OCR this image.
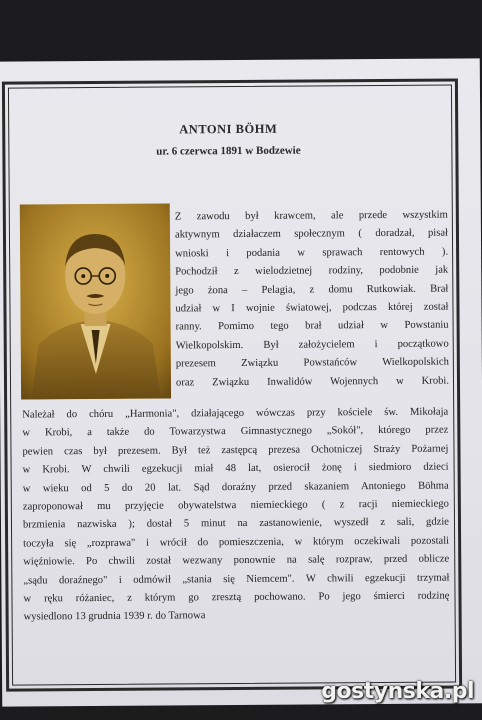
ANTONI BÖHM
ur. 6 czerwca 1891 w Bodzewie
Z zawodu był krawcem, ale przede wszystkim
aktywnym działaczem społecznym ( doradzał, pisał
wnioski i podania w sprawach rentowych ).
Pochodził z wielodzietnej rodziny, podobnie jak
jego żona – Pelagia, z domu Rutkowiak. Brał
udział w I wojnie światowej, podczas której został
ranny. Pomimo tego brał udział w Powstaniu
Wielkopolskim. Był założycielem i początkowo
prezesem Związku Powstańców Wielkopolskich
oraz Związku Inwalidów Wojennych w Krobi.
Należał do chóru „Harmonia", działającego wówczas przy kościele św. Mikołaja
w Krobi, a także do Towarzystwa Gimnastycznego „Sokół", którego przez
pewien czas był prezesem. Był też zastępcą prezesa Ochotniczej Straży Pożarnej
w Krobi. W chwili egzekucji miał 48 lat, osierocił żonę i siedmioro dzieci
w wieku od 5 do 20 lat. Sąd doraźny przed skazaniem Antoniego Böhma
zaproponował mu przyjęcie obywatelstwa niemieckiego ( z racji niemieckiego
brzmienia nazwiska ); dostał 5 minut na zastanowienie, wyszedł z sali, gdzie
toczyła się „rozprawa" i wrócił do pomieszczenia, w którym oczekiwali pozostali
więźniowie. Po chwili został wezwany ponownie na salę rozpraw, przed oblicze
„sądu doraźnego" i odmówił „stania się Niemcem". W chwili egzekucji trzymał
w ręku różaniec, z którym go zresztą pochowano. Po jego śmierci rodzinę
wysiedlono 13 grudnia 1939 r. do Tarnowa
gostynska.pl
